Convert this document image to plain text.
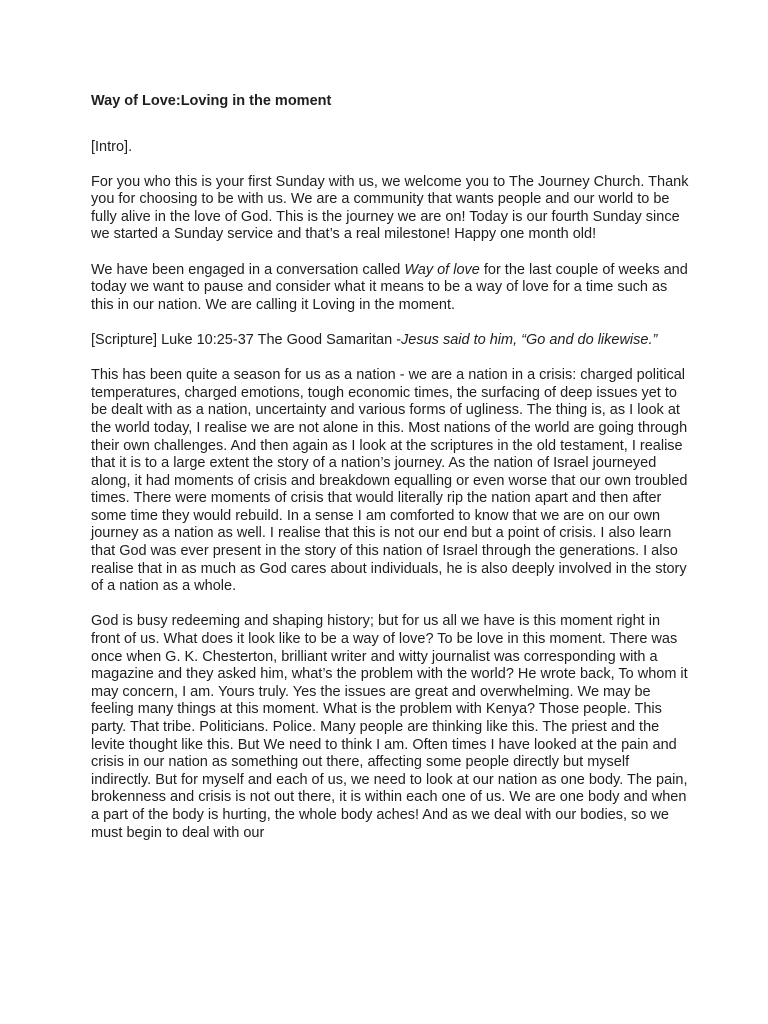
Way of Love:Loving in the moment

[Intro].

For you who this is your first Sunday with us, we welcome you to The Journey Church. Thank you for choosing to be with us. We are a community that wants people and our world to be fully alive in the love of God. This is the journey we are on! Today is our fourth Sunday since we started a Sunday service and that’s a real milestone! Happy one month old!

We have been engaged in a conversation called Way of love for the last couple of weeks and today we want to pause and consider what it means to be a way of love for a time such as this in our nation. We are calling it Loving in the moment.

[Scripture] Luke 10:25-37 The Good Samaritan -Jesus said to him, “Go and do likewise.”

This has been quite a season for us as a nation - we are a nation in a crisis: charged political temperatures, charged emotions, tough economic times, the surfacing of deep issues yet to be dealt with as a nation, uncertainty and various forms of ugliness. The thing is, as I look at the world today, I realise we are not alone in this. Most nations of the world are going through their own challenges. And then again as I look at the scriptures in the old testament, I realise that it is to a large extent the story of a nation’s journey. As the nation of Israel journeyed along, it had moments of crisis and breakdown equalling or even worse that our own troubled times. There were moments of crisis that would literally rip the nation apart and then after some time they would rebuild. In a sense I am comforted to know that we are on our own journey as a nation as well. I realise that this is not our end but a point of crisis. I also learn that God was ever present in the story of this nation of Israel through the generations. I also realise that in as much as God cares about individuals, he is also deeply involved in the story of a nation as a whole.

God is busy redeeming and shaping history; but for us all we have is this moment right in front of us. What does it look like to be a way of love? To be love in this moment. There was once when G. K. Chesterton, brilliant writer and witty journalist was corresponding with a magazine and they asked him, what’s the problem with the world? He wrote back, To whom it may concern, I am. Yours truly. Yes the issues are great and overwhelming. We may be feeling many things at this moment. What is the problem with Kenya? Those people. This party. That tribe. Politicians. Police. Many people are thinking like this. The priest and the levite thought like this. But We need to think I am. Often times I have looked at the pain and crisis in our nation as something out there, affecting some people directly but myself indirectly. But for myself and each of us, we need to look at our nation as one body. The pain, brokenness and crisis is not out there, it is within each one of us. We are one body and when a part of the body is hurting, the whole body aches! And as we deal with our bodies, so we must begin to deal with our
